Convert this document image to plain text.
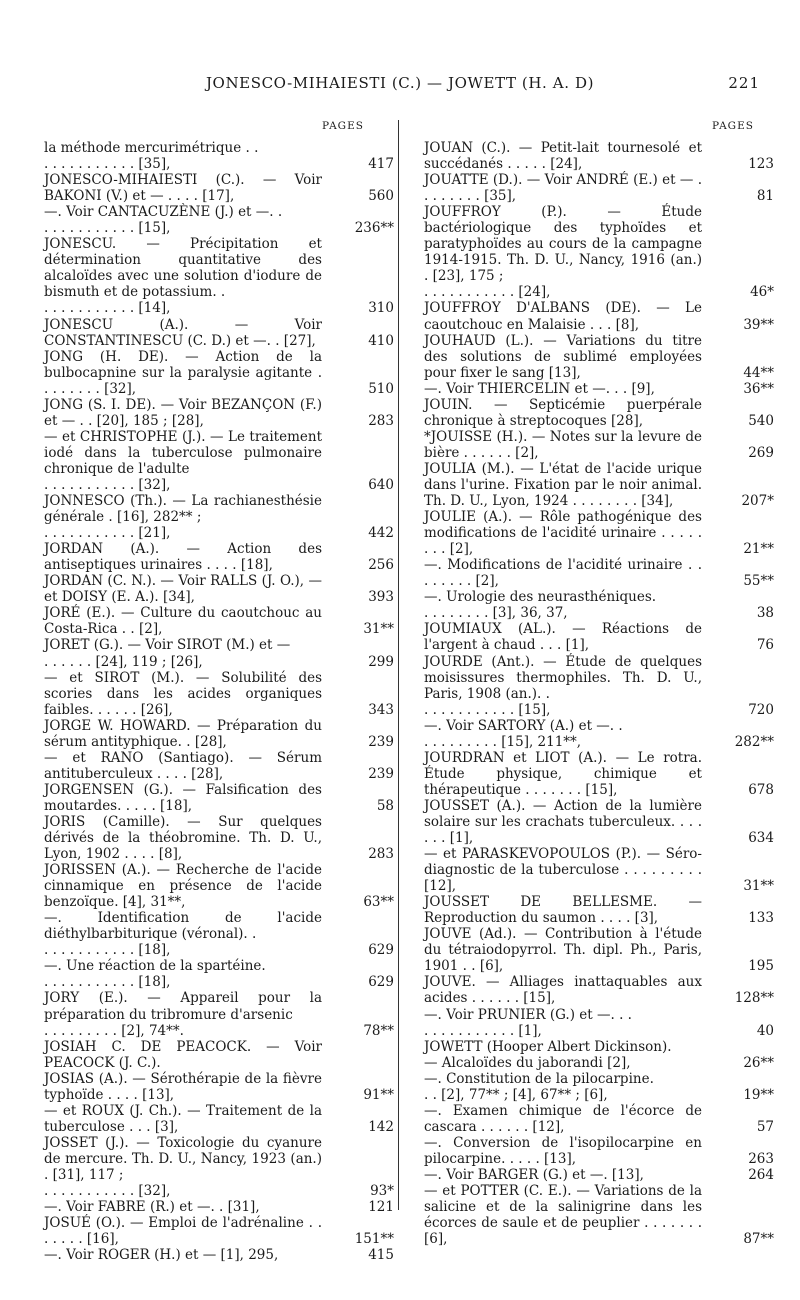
JONESCO-MIHAIESTI (C.) — JOWETT (H. A. D)	221
PAGES	PAGES
la méthode mercurimétrique . .
. . . . . . . . . . . [35],	417
JONESCO-MIHAIESTI (C.). — Voir BAKONI (V.) et — . . . . [17],	560
—. Voir CANTACUZÈNE (J.) et —. .
. . . . . . . . . . . [15],	236**
JONESCU. — Précipitation et détermination quantitative des alcaloïdes avec une solution d'iodure de bismuth et de potassium. .
. . . . . . . . . . . [14],	310
JONESCU (A.). — Voir CONSTANTINESCU (C. D.) et —. . [27],	410
JONG (H. DE). — Action de la bulbocapnine sur la paralysie agitante . . . . . . . . [32],	510
JONG (S. I. DE). — Voir BEZANÇON (F.) et — . . [20], 185 ; [28],	283
— et CHRISTOPHE (J.). — Le traitement iodé dans la tuberculose pulmonaire chronique de l'adulte
. . . . . . . . . . . [32],	640
JONNESCO (Th.). — La rachianesthésie générale . [16], 282** ;
. . . . . . . . . . . [21],	442
JORDAN (A.). — Action des antiseptiques urinaires . . . . [18],	256
JORDAN (C. N.). — Voir RALLS (J. O.), — et DOISY (E. A.). [34],	393
JORÉ (E.). — Culture du caoutchouc au Costa-Rica . . [2],	31**
JORET (G.). — Voir SIROT (M.) et —
. . . . . . [24], 119 ; [26],	299
— et SIROT (M.). — Solubilité des scories dans les acides organiques faibles. . . . . . [26],	343
JORGE W. HOWARD. — Préparation du sérum antityphique. . [28],	239
— et RANO (Santiago). — Sérum antituberculeux . . . . [28],	239
JORGENSEN (G.). — Falsification des moutardes. . . . . [18],	58
JORIS (Camille). — Sur quelques dérivés de la théobromine. Th. D. U., Lyon, 1902 . . . . [8],	283
JORISSEN (A.). — Recherche de l'acide cinnamique en présence de l'acide benzoïque. [4], 31**,	63**
—. Identification de l'acide diéthylbarbiturique (véronal). .
. . . . . . . . . . . [18],	629
—. Une réaction de la spartéine.
. . . . . . . . . . . [18],	629
JORY (E.). — Appareil pour la préparation du tribromure d'arsenic
. . . . . . . . . [2], 74**.	78**
JOSIAH C. DE PEACOCK. — Voir PEACOCK (J. C.).
JOSIAS (A.). — Sérothérapie de la fièvre typhoïde . . . . [13],	91**
— et ROUX (J. Ch.). — Traitement de la tuberculose . . . [3],	142
JOSSET (J.). — Toxicologie du cyanure de mercure. Th. D. U., Nancy, 1923 (an.) . [31], 117 ;
. . . . . . . . . . . [32],	93*
—. Voir FABRE (R.) et —. . [31],	121
JOSUÉ (O.). — Emploi de l'adrénaline . . . . . . . [16],	151**
—. Voir ROGER (H.) et — [1], 295,	415
JOUAN (C.). — Petit-lait tournesolé et succédanés . . . . . [24],	123
JOUATTE (D.). — Voir ANDRÉ (E.) et — . . . . . . . . [35],	81
JOUFFROY (P.). — Étude bactériologique des typhoïdes et paratyphoïdes au cours de la campagne 1914-1915. Th. D. U., Nancy, 1916 (an.) . [23], 175 ;
. . . . . . . . . . . [24],	46*
JOUFFROY D'ALBANS (DE). — Le caoutchouc en Malaisie . . . [8],	39**
JOUHAUD (L.). — Variations du titre des solutions de sublimé employées pour fixer le sang [13],	44**
—. Voir THIERCELIN et —. . . [9],	36**
JOUIN. — Septicémie puerpérale chronique à streptocoques [28],	540
*JOUISSE (H.). — Notes sur la levure de bière . . . . . . [2],	269
JOULIA (M.). — L'état de l'acide urique dans l'urine. Fixation par le noir animal. Th. D. U., Lyon, 1924 . . . . . . . . [34],	207*
JOULIE (A.). — Rôle pathogénique des modifications de l'acidité urinaire . . . . . . . . [2],	21**
—. Modifications de l'acidité urinaire . . . . . . . . [2],	55**
—. Urologie des neurasthéniques.
. . . . . . . . [3], 36, 37,	38
JOUMIAUX (AL.). — Réactions de l'argent à chaud . . . [1],	76
JOURDE (Ant.). — Étude de quelques moisissures thermophiles. Th. D. U., Paris, 1908 (an.). .
. . . . . . . . . . . [15],	720
—. Voir SARTORY (A.) et —. .
. . . . . . . . . [15], 211**,	282**
JOURDRAN et LIOT (A.). — Le rotra. Étude physique, chimique et thérapeutique . . . . . . . [15],	678
JOUSSET (A.). — Action de la lumière solaire sur les crachats tuberculeux. . . . . . . [1],	634
— et PARASKEVOPOULOS (P.). — Séro-diagnostic de la tuberculose . . . . . . . . . [12],	31**
JOUSSET DE BELLESME. — Reproduction du saumon . . . . [3],	133
JOUVE (Ad.). — Contribution à l'étude du tétraiodopyrrol. Th. dipl. Ph., Paris, 1901 . . [6],	195
JOUVE. — Alliages inattaquables aux acides . . . . . . [15],	128**
—. Voir PRUNIER (G.) et —. . .
. . . . . . . . . . . [1],	40
JOWETT (Hooper Albert Dickinson).
— Alcaloïdes du jaborandi [2],	26**
—. Constitution de la pilocarpine.
. . [2], 77** ; [4], 67** ; [6],	19**
—. Examen chimique de l'écorce de cascara . . . . . . [12],	57
—. Conversion de l'isopilocarpine en pilocarpine. . . . . [13],	263
—. Voir BARGER (G.) et —. [13],	264
— et POTTER (C. E.). — Variations de la salicine et de la salinigrine dans les écorces de saule et de peuplier . . . . . . . [6],	87**
